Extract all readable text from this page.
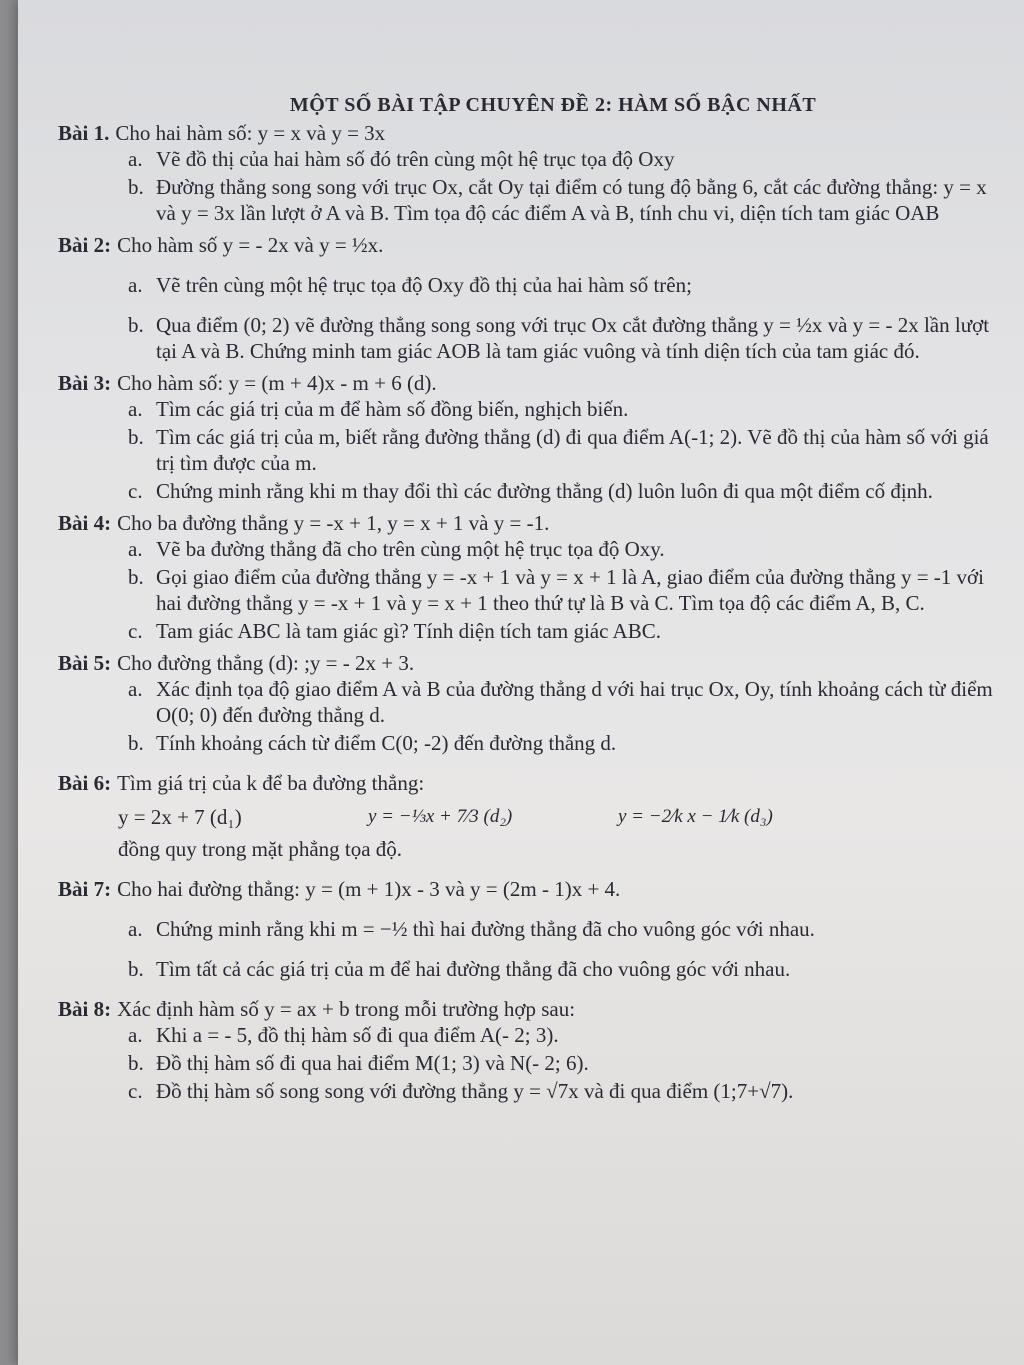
MỘT SỐ BÀI TẬP CHUYÊN ĐỀ 2: HÀM SỐ BẬC NHẤT
Bài 1. Cho hai hàm số: y = x và y = 3x
a. Vẽ đồ thị của hai hàm số đó trên cùng một hệ trục tọa độ Oxy
b. Đường thẳng song song với trục Ox, cắt Oy tại điểm có tung độ bằng 6, cắt các đường thẳng: y = x và y = 3x lần lượt ở A và B. Tìm tọa độ các điểm A và B, tính chu vi, diện tích tam giác OAB
Bài 2: Cho hàm số y = - 2x và y = ½x.
a. Vẽ trên cùng một hệ trục tọa độ Oxy đồ thị của hai hàm số trên;
b. Qua điểm (0; 2) vẽ đường thẳng song song với trục Ox cắt đường thẳng y = ½x và y = - 2x lần lượt tại A và B. Chứng minh tam giác AOB là tam giác vuông và tính diện tích của tam giác đó.
Bài 3: Cho hàm số: y = (m + 4)x - m + 6 (d).
a. Tìm các giá trị của m để hàm số đồng biến, nghịch biến.
b. Tìm các giá trị của m, biết rằng đường thẳng (d) đi qua điểm A(-1; 2). Vẽ đồ thị của hàm số với giá trị tìm được của m.
c. Chứng minh rằng khi m thay đổi thì các đường thẳng (d) luôn luôn đi qua một điểm cố định.
Bài 4: Cho ba đường thẳng y = -x + 1, y = x + 1 và y = -1.
a. Vẽ ba đường thẳng đã cho trên cùng một hệ trục tọa độ Oxy.
b. Gọi giao điểm của đường thẳng y = -x + 1 và y = x + 1 là A, giao điểm của đường thẳng y = -1 với hai đường thẳng y = -x + 1 và y = x + 1 theo thứ tự là B và C. Tìm tọa độ các điểm A, B, C.
c. Tam giác ABC là tam giác gì? Tính diện tích tam giác ABC.
Bài 5: Cho đường thẳng (d): ;y = - 2x + 3.
a. Xác định tọa độ giao điểm A và B của đường thẳng d với hai trục Ox, Oy, tính khoảng cách từ điểm O(0; 0) đến đường thẳng d.
b. Tính khoảng cách từ điểm C(0; -2) đến đường thẳng d.
Bài 6: Tìm giá trị của k để ba đường thẳng:
y = 2x + 7 (d₁)	y = −⅓x + 7⁄3 (d₂)	y = −2⁄k x − 1⁄k (d₃)
đồng quy trong mặt phẳng tọa độ.
Bài 7: Cho hai đường thẳng: y = (m + 1)x - 3 và y = (2m - 1)x + 4.
a. Chứng minh rằng khi m = −½ thì hai đường thẳng đã cho vuông góc với nhau.
b. Tìm tất cả các giá trị của m để hai đường thẳng đã cho vuông góc với nhau.
Bài 8: Xác định hàm số y = ax + b trong mỗi trường hợp sau:
a. Khi a = - 5, đồ thị hàm số đi qua điểm A(- 2; 3).
b. Đồ thị hàm số đi qua hai điểm M(1; 3) và N(- 2; 6).
c. Đồ thị hàm số song song với đường thẳng y = √7x và đi qua điểm (1;7+√7).
